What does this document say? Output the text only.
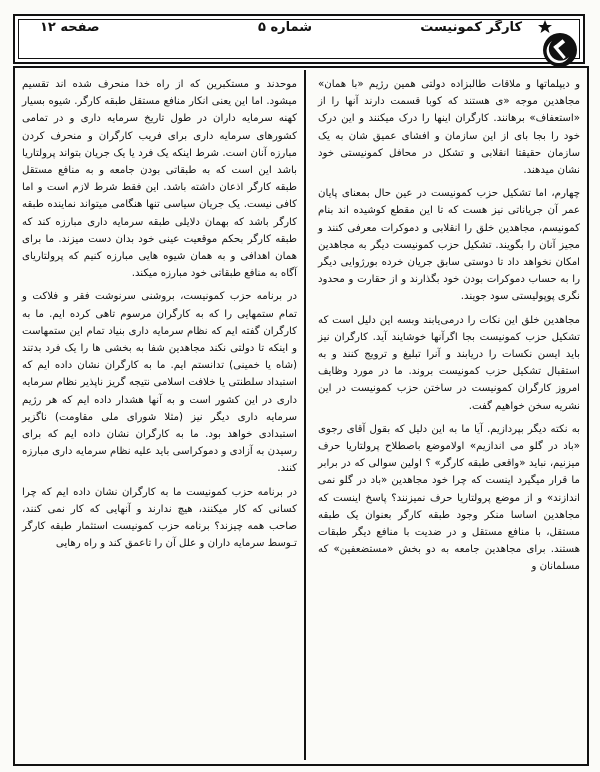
صفحه ۱۲	شماره ۵	کارگر کمونیست

و دیپلماتها و ملاقات طالبزاده دولتی همین رژیم «با همان» مجاهدین موجه «ی هستند که کوبا قسمت دارند آنها را از «استعفاف» برهانند. کارگران اینها را درک میکنند و این درک خود را بجا بای از این سازمان و افشای عمیق شان به یک سازمان حقیقتا انقلابی و تشکل در محافل کمونیستی خود نشان میدهند.

چهارم، اما تشکیل حزب کمونیست در عین حال بمعنای پایان عمر آن جریاناتی نیز هست که تا این مقطع کوشیده اند بنام کمونیسم، مجاهدین خلق را انقلابی و دموکرات معرفی کنند و مجیز آنان را بگویند. تشکیل حزب کمونیست دیگر به مجاهدین امکان نخواهد داد تا دوستی سابق جریان خرده بورژوایی دیگر را به حساب دموکرات بودن خود بگذارند و از حقارت و محدود نگری پوپولیستی سود جویند.

مجاهدین خلق این نکات را درمی‌یابند وبسه این دلیل است که تشکیل حزب کمونیست بجا اگرآنها خوشایند آید. کارگران نیز باید ایسن نکسات را دریابند و آنرا تبلیغ و ترویج کنند و به استقبال تشکیل حزب کمونیست بروند. ما در مورد وظایف امروز کارگران کمونیست در ساختن حزب کمونیست در این نشریه سخن خواهیم گفت.

به نکته دیگر بپردازیم. آیا ما به این دلیل که بقول آقای رجوی «باد در گلو می اندازیم» اولاموضع باصطلاح پرولتاریا حرف میزنیم، نباید «واقعی طبقه کارگر» ؟ اولین سوالی که در برابر ما قرار میگیرد اینست که چرا خود مجاهدین «باد در گلو نمی اندازند» و از موضع پرولتاریا حرف نمیزنند؟ پاسخ اینست که مجاهدین اساسا منکر وجود طبقه کارگر بعنوان یک طبقه مستقل، با منافع مستقل و در ضدیت با منافع دیگر طبقات هستند. برای مجاهدین جامعه به دو بخش «مستضعفین» که مسلمانان و

موحدند و مستکبرین که از راه خدا منحرف شده اند تقسیم میشود. اما این یعنی انکار منافع مستقل طبقه کارگر. شیوه بسیار کهنه سرمایه داران در طول تاریخ سرمایه داری و در تمامی کشورهای سرمایه داری برای فریب کارگران و منحرف کردن مبارزه آنان است. شرط اینکه یک فرد یا یک جریان بتواند پرولتاریا باشد این است که به طبقاتی بودن جامعه و به منافع مستقل طبقه کارگر اذعان داشته باشد. این فقط شرط لازم است و اما کافی نیست. یک جریان سیاسی تنها هنگامی میتواند نماینده طبقه کارگر باشد که بهمان دلایلی طبقه سرمایه داری مبارزه کند که طبقه کارگر بحکم موقعیت عینی خود بدان دست میزند. ما برای همان اهدافی و به همان شیوه هایی مبارزه کنیم که پرولتاریای آگاه به منافع طبقاتی خود مبارزه میکند.

در برنامه حزب کمونیست، بروشنی سرنوشت فقر و فلاکت و تمام ستمهایی را که به کارگران مرسوم تاهی کرده ایم. ما به کارگران گفته ایم که نظام سرمایه داری بنیاد تمام این ستمهاست و اینکه تا دولتی نکند مجاهدین شفا به بخشی ها را یک فرد بدتند (شاه یا خمینی) تدانستم ایم. ما به کارگران نشان داده ایم که استبداد سلطنتی یا خلافت اسلامی نتیجه گریز ناپذیر نظام سرمایه داری در این کشور است و به آنها هشدار داده ایم که هر رژیم سرمایه داری دیگر نیز (مثلا شورای ملی مقاومت) ناگزیر استبدادی خواهد بود. ما به کارگران نشان داده ایم که برای رسیدن به آزادی و دموکراسی باید علیه نظام سرمایه داری مبارزه کنند.

در برنامه حزب کمونیست ما به کارگران نشان داده ایم که چرا کسانی که کار میکنند، هیچ ندارند و آنهایی که کار نمی کنند، صاحب همه چیزند؟ برنامه حزب کمونیست استثمار طبقه کارگر تـوسط سرمایه داران و علل آن را تاعمق کند و راه رهایی
